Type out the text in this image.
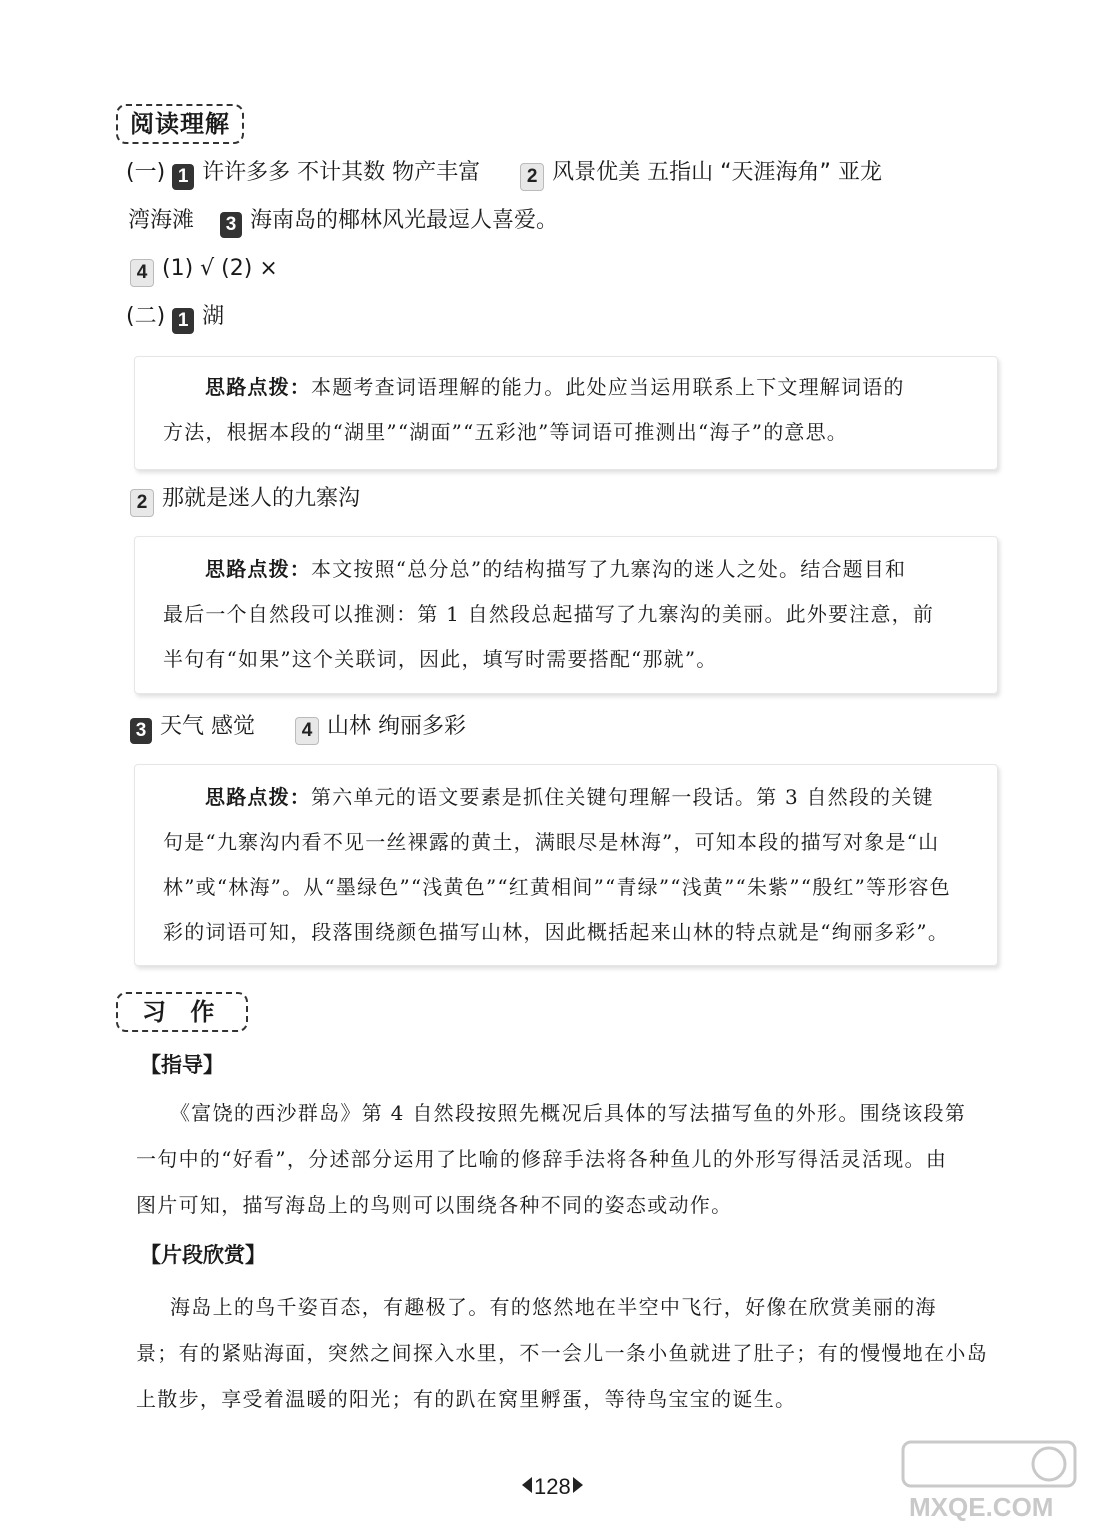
阅读理解
(一) 1 许许多多 不计其数 物产丰富 2 风景优美 五指山 “天涯海角” 亚龙
湾海滩 3 海南岛的椰林风光最逗人喜爱。
4 (1) √ (2) ×
(二) 1 湖
思路点拨：本题考查词语理解的能力。此处应当运用联系上下文理解词语的
方法，根据本段的“湖里”“湖面”“五彩池”等词语可推测出“海子”的意思。
2 那就是迷人的九寨沟
思路点拨：本文按照“总分总”的结构描写了九寨沟的迷人之处。结合题目和
最后一个自然段可以推测：第 1 自然段总起描写了九寨沟的美丽。此外要注意，前
半句有“如果”这个关联词，因此，填写时需要搭配“那就”。
3 天气 感觉 4 山林 绚丽多彩
思路点拨：第六单元的语文要素是抓住关键句理解一段话。第 3 自然段的关键
句是“九寨沟内看不见一丝裸露的黄土，满眼尽是林海”，可知本段的描写对象是“山
林”或“林海”。从“墨绿色”“浅黄色”“红黄相间”“青绿”“浅黄”“朱紫”“殷红”等形容色
彩的词语可知，段落围绕颜色描写山林，因此概括起来山林的特点就是“绚丽多彩”。
习 作
【指导】
《富饶的西沙群岛》第 4 自然段按照先概况后具体的写法描写鱼的外形。围绕该段第
一句中的“好看”，分述部分运用了比喻的修辞手法将各种鱼儿的外形写得活灵活现。由
图片可知，描写海岛上的鸟则可以围绕各种不同的姿态或动作。
【片段欣赏】
海岛上的鸟千姿百态，有趣极了。有的悠然地在半空中飞行，好像在欣赏美丽的海
景；有的紧贴海面，突然之间探入水里，不一会儿一条小鱼就进了肚子；有的慢慢地在小岛
上散步，享受着温暖的阳光；有的趴在窝里孵蛋，等待鸟宝宝的诞生。
128
MXQE.COM
